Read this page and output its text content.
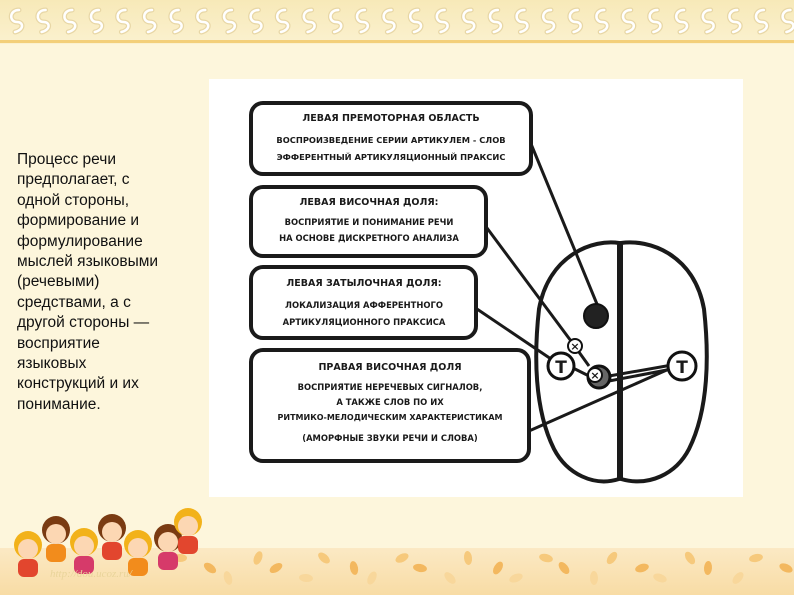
Процесс речи
предполагает, с
одной стороны,
формирование и
формулирование
мыслей языковыми
(речевыми)
средствами, а с
другой стороны —
восприятие
языковых
конструкций и их
понимание.

×
×
T	T
ЛЕВАЯ ПРЕМОТОРНАЯ ОБЛАСТЬ
ВОСПРОИЗВЕДЕНИЕ СЕРИИ АРТИКУЛЕМ - СЛОВ
ЭФФЕРЕНТНЫЙ АРТИКУЛЯЦИОННЫЙ ПРАКСИС
ЛЕВАЯ ВИСОЧНАЯ ДОЛЯ:
ВОСПРИЯТИЕ И ПОНИМАНИЕ РЕЧИ
НА ОСНОВЕ ДИСКРЕТНОГО АНАЛИЗА
ЛЕВАЯ ЗАТЫЛОЧНАЯ ДОЛЯ:
ЛОКАЛИЗАЦИЯ АФФЕРЕНТНОГО
АРТИКУЛЯЦИОННОГО ПРАКСИСА
ПРАВАЯ ВИСОЧНАЯ ДОЛЯ
ВОСПРИЯТИЕ НЕРЕЧЕВЫХ СИГНАЛОВ,
А ТАКЖЕ СЛОВ ПО ИХ
РИТМИКО-МЕЛОДИЧЕСКИМ ХАРАКТЕРИСТИКАМ
(АМОРФНЫЕ ЗВУКИ РЕЧИ И СЛОВА)
http://dou.ucoz.ru/
